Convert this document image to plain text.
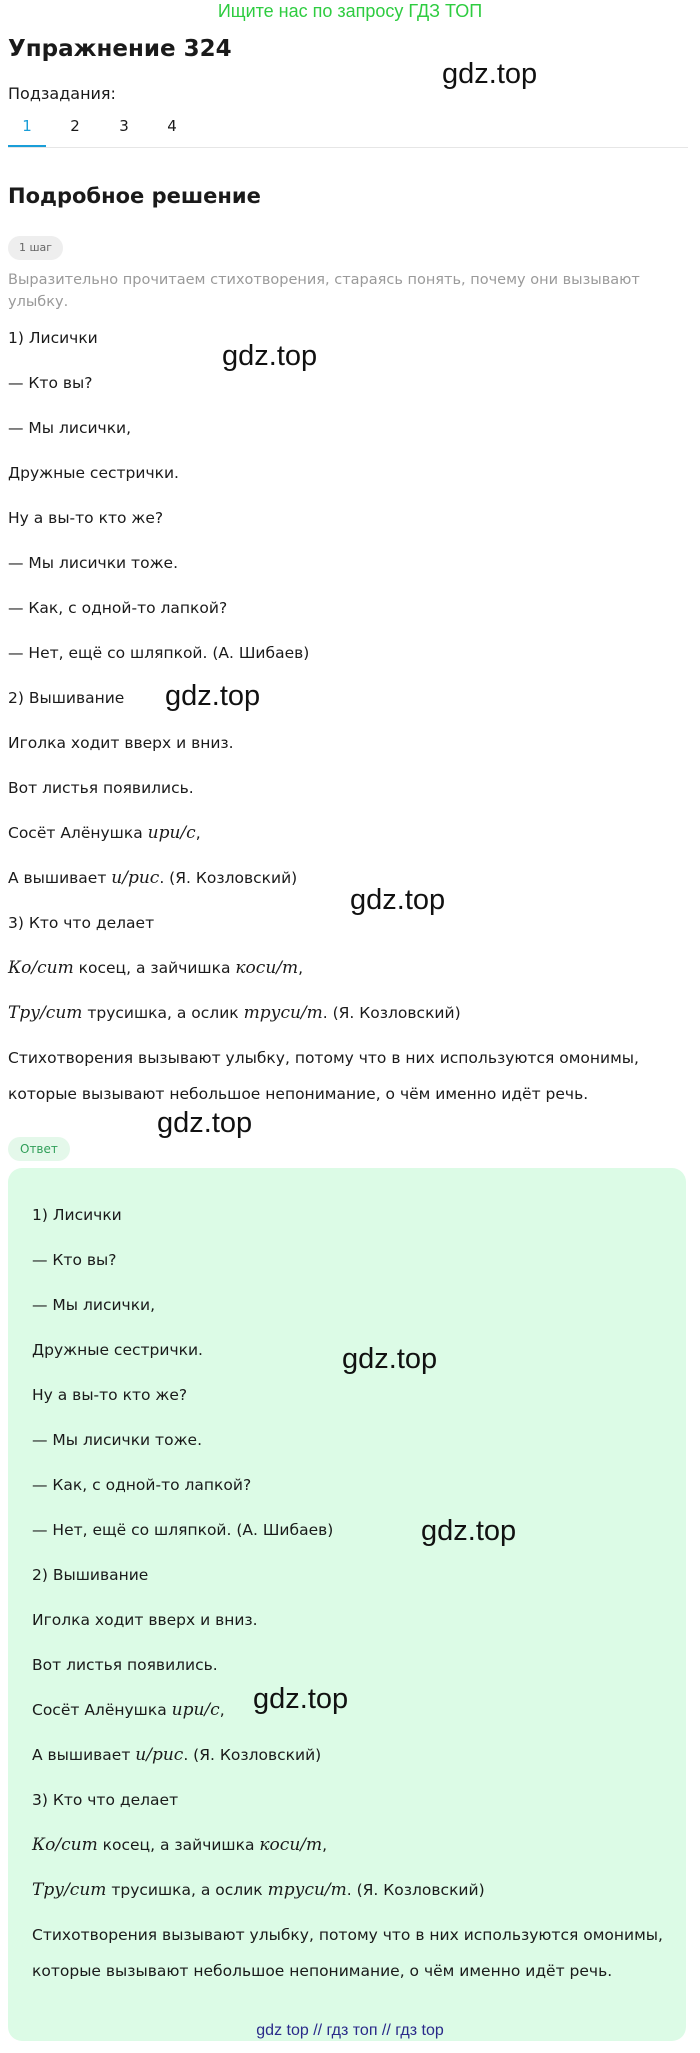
Ищите нас по запросу ГДЗ ТОП
Упражнение 324
Подзадания:
1	2	3	4
Подробное решение
1 шаг
Выразительно прочитаем стихотворения, стараясь понять, почему они вызывают улыбку.
1) Лисички
— Кто вы?
— Мы лисички,
Дружные сестрички.
Ну а вы-то кто же?
— Мы лисички тоже.
— Как, с одной-то лапкой?
— Нет, ещё со шляпкой. (А. Шибаев)
2) Вышивание
Иголка ходит вверх и вниз.
Вот листья появились.
Сосёт Алёнушка ири/с,
А вышивает и/рис. (Я. Козловский)
3) Кто что делает
Ко/сит косец, а зайчишка коси/т,
Тру/сит трусишка, а ослик труси/т. (Я. Козловский)
Стихотворения вызывают улыбку, потому что в них используются омонимы, которые вызывают небольшое непонимание, о чём именно идёт речь.
Ответ
1) Лисички
— Кто вы?
— Мы лисички,
Дружные сестрички.
Ну а вы-то кто же?
— Мы лисички тоже.
— Как, с одной-то лапкой?
— Нет, ещё со шляпкой. (А. Шибаев)
2) Вышивание
Иголка ходит вверх и вниз.
Вот листья появились.
Сосёт Алёнушка ири/с,
А вышивает и/рис. (Я. Козловский)
3) Кто что делает
Ко/сит косец, а зайчишка коси/т,
Тру/сит трусишка, а ослик труси/т. (Я. Козловский)
Стихотворения вызывают улыбку, потому что в них используются омонимы, которые вызывают небольшое непонимание, о чём именно идёт речь.
gdz.top
gdz.top
gdz.top
gdz.top
gdz.top
gdz.top
gdz.top
gdz.top
gdz top // гдз топ // гдз top
